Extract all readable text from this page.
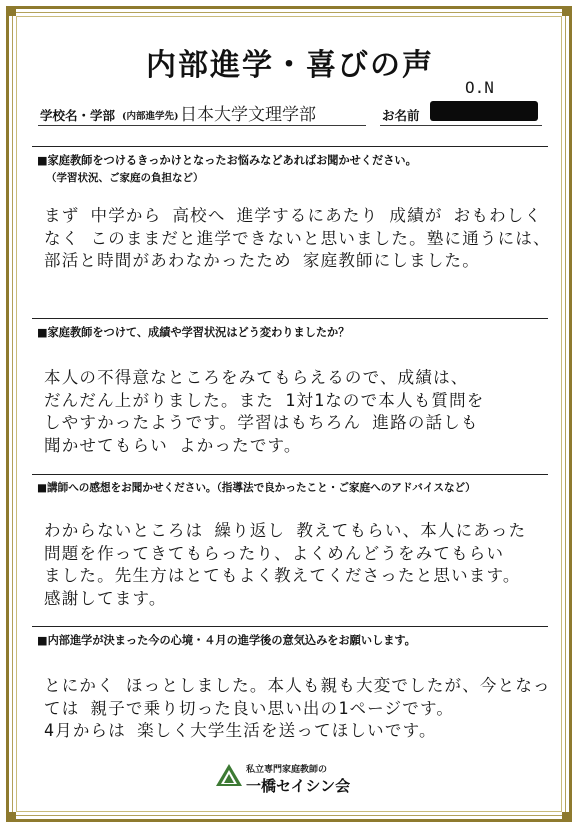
内部進学・喜びの声
学校名・学部 (内部進学先) 日本大学文理学部	お名前
O.N
■家庭教師をつけるきっかけとなったお悩みなどあればお聞かせください。
（学習状況、ご家庭の負担など）
まず 中学から 高校へ 進学するにあたり 成績が おもわしく
なく このままだと進学できないと思いました。塾に通うには、
部活と時間があわなかったため 家庭教師にしました。
■家庭教師をつけて、成績や学習状況はどう変わりましたか？
本人の不得意なところをみてもらえるので、成績は、
だんだん上がりました。また 1対1なので本人も質問を
しやすかったようです。学習はもちろん 進路の話しも
聞かせてもらい よかったです。
■講師への感想をお聞かせください。（指導法で良かったこと・ご家庭へのアドバイスなど）
わからないところは 繰り返し 教えてもらい、本人にあった
問題を作ってきてもらったり、よくめんどうをみてもらい
ました。先生方はとてもよく教えてくださったと思います。
感謝してます。
■内部進学が決まった今の心境・４月の進学後の意気込みをお願いします。
とにかく ほっとしました。本人も親も大変でしたが、今となっ
ては 親子で乗り切った良い思い出の1ページです。
4月からは 楽しく大学生活を送ってほしいです。
私立専門家庭教師の
一橋セイシン会
